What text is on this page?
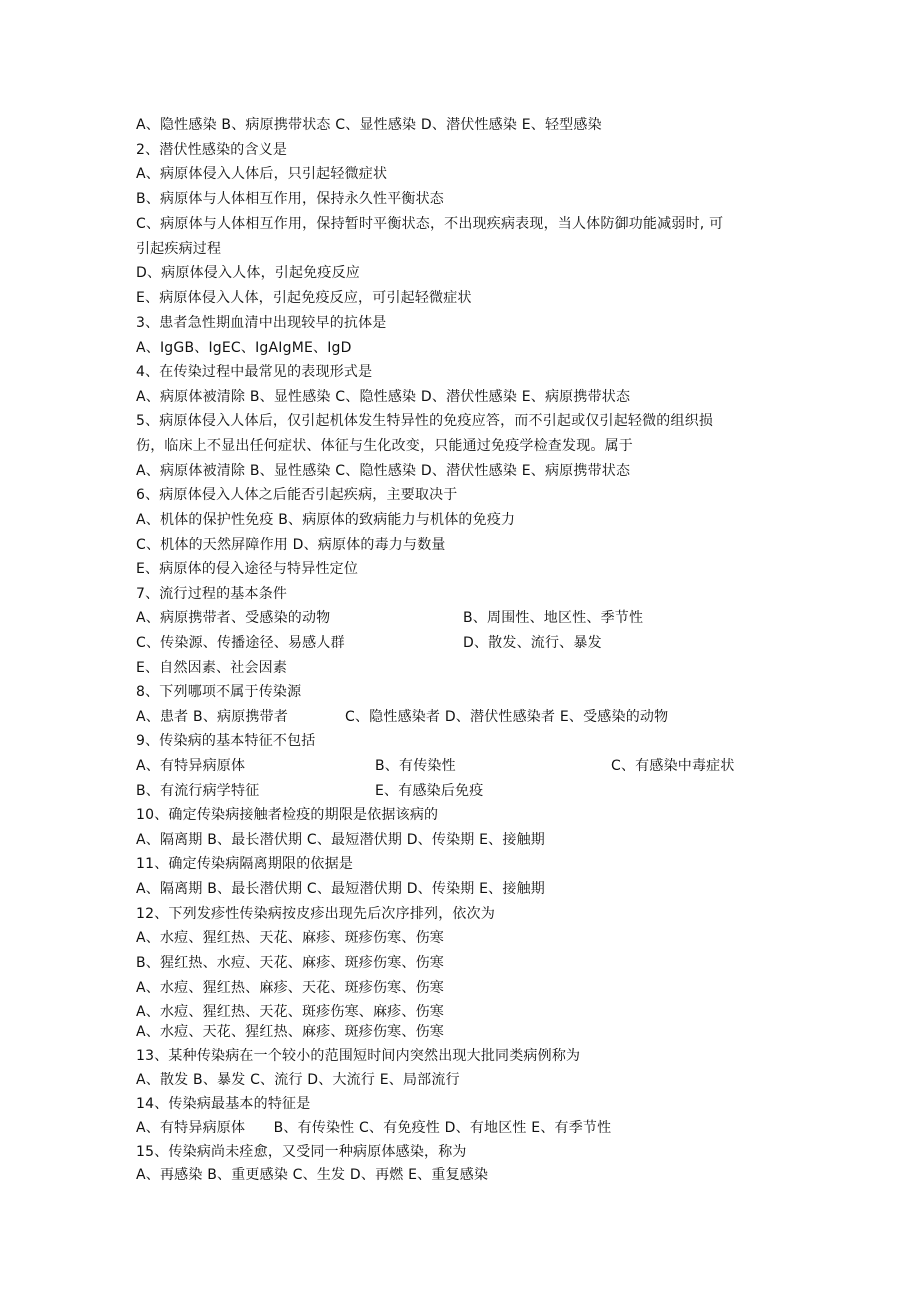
A、隐性感染 B、病原携带状态 C、显性感染 D、潜伏性感染 E、轻型感染
2、潜伏性感染的含义是
A、病原体侵入人体后，只引起轻微症状
B、病原体与人体相互作用，保持永久性平衡状态
C、病原体与人体相互作用，保持暂时平衡状态，不出现疾病表现，当人体防御功能减弱时, 可
引起疾病过程
D、病原体侵入人体，引起免疫反应
E、病原体侵入人体，引起免疫反应，可引起轻微症状
3、患者急性期血清中出现较早的抗体是
A、IgGB、IgEC、IgAIgME、IgD
4、在传染过程中最常见的表现形式是
A、病原体被清除 B、显性感染 C、隐性感染 D、潜伏性感染 E、病原携带状态
5、病原体侵入人体后，仅引起机体发生特异性的免疫应答，而不引起或仅引起轻微的组织损
伤，临床上不显出任何症状、体征与生化改变，只能通过免疫学检查发现。属于
A、病原体被清除 B、显性感染 C、隐性感染 D、潜伏性感染 E、病原携带状态
6、病原体侵入人体之后能否引起疾病，主要取决于
A、机体的保护性免疫 B、病原体的致病能力与机体的免疫力
C、机体的天然屏障作用 D、病原体的毒力与数量
E、病原体的侵入途径与特异性定位
7、流行过程的基本条件
A、病原携带者、受感染的动物	B、周围性、地区性、季节性
C、传染源、传播途径、易感人群	D、散发、流行、暴发
E、自然因素、社会因素
8、下列哪项不属于传染源
A、患者 B、病原携带者	C、隐性感染者 D、潜伏性感染者 E、受感染的动物
9、传染病的基本特征不包括
A、有特异病原体	B、有传染性	C、有感染中毒症状
B、有流行病学特征	E、有感染后免疫
10、确定传染病接触者检疫的期限是依据该病的
A、隔离期 B、最长潜伏期 C、最短潜伏期 D、传染期 E、接触期
11、确定传染病隔离期限的依据是
A、隔离期 B、最长潜伏期 C、最短潜伏期 D、传染期 E、接触期
12、下列发疹性传染病按皮疹出现先后次序排列，依次为
A、水痘、猩红热、天花、麻疹、斑疹伤寒、伤寒
B、猩红热、水痘、天花、麻疹、斑疹伤寒、伤寒
A、水痘、猩红热、麻疹、天花、斑疹伤寒、伤寒
A、水痘、猩红热、天花、斑疹伤寒、麻疹、伤寒
A、水痘、天花、猩红热、麻疹、斑疹伤寒、伤寒
13、某种传染病在一个较小的范围短时间内突然出现大批同类病例称为
A、散发 B、暴发 C、流行 D、大流行 E、局部流行
14、传染病最基本的特征是
A、有特异病原体　　B、有传染性 C、有免疫性 D、有地区性 E、有季节性
15、传染病尚未痊愈，又受同一种病原体感染，称为
A、再感染 B、重更感染 C、生发 D、再燃 E、重复感染
